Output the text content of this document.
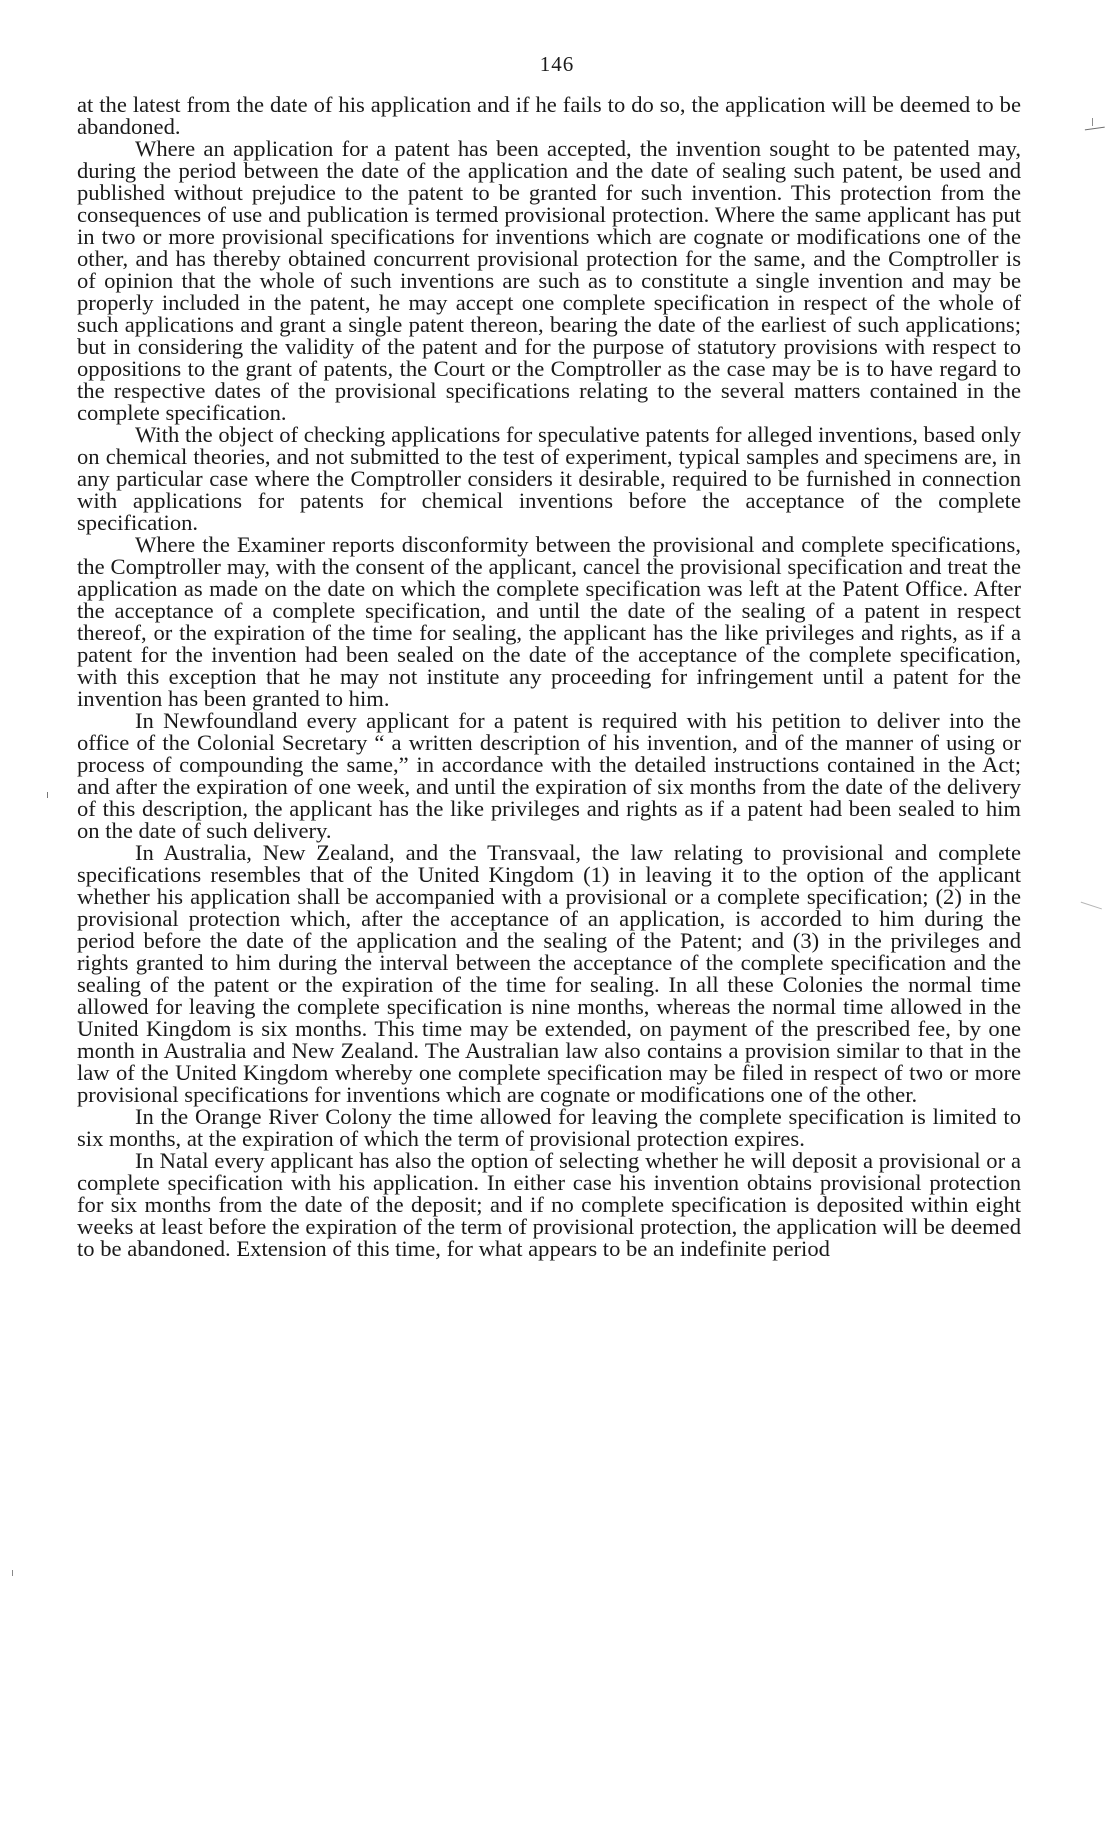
146

at the latest from the date of his application and if he fails to do so, the application will be deemed to be abandoned.

Where an application for a patent has been accepted, the invention sought to be patented may, during the period between the date of the application and the date of sealing such patent, be used and published without prejudice to the patent to be granted for such invention. This protection from the consequences of use and publication is termed provisional protection. Where the same applicant has put in two or more provisional specifications for inventions which are cognate or modifications one of the other, and has thereby obtained concurrent provisional protection for the same, and the Comptroller is of opinion that the whole of such inventions are such as to constitute a single invention and may be properly included in the patent, he may accept one complete specification in respect of the whole of such applications and grant a single patent thereon, bearing the date of the earliest of such applications; but in considering the validity of the patent and for the purpose of statutory provisions with respect to oppositions to the grant of patents, the Court or the Comptroller as the case may be is to have regard to the respective dates of the provisional specifications relating to the several matters contained in the complete specification.

With the object of checking applications for speculative patents for alleged inventions, based only on chemical theories, and not submitted to the test of experiment, typical samples and specimens are, in any particular case where the Comptroller considers it desirable, required to be furnished in connection with applications for patents for chemical inventions before the acceptance of the complete specification.

Where the Examiner reports disconformity between the provisional and complete specifications, the Comptroller may, with the consent of the applicant, cancel the provisional specification and treat the application as made on the date on which the complete specification was left at the Patent Office. After the acceptance of a complete specification, and until the date of the sealing of a patent in respect thereof, or the expiration of the time for sealing, the applicant has the like privileges and rights, as if a patent for the invention had been sealed on the date of the acceptance of the complete specification, with this exception that he may not institute any proceeding for infringement until a patent for the invention has been granted to him.

In Newfoundland every applicant for a patent is required with his petition to deliver into the office of the Colonial Secretary “ a written description of his invention, and of the manner of using or process of compounding the same,” in accordance with the detailed instructions contained in the Act; and after the expiration of one week, and until the expiration of six months from the date of the delivery of this description, the applicant has the like privileges and rights as if a patent had been sealed to him on the date of such delivery.

In Australia, New Zealand, and the Transvaal, the law relating to provisional and complete specifications resembles that of the United Kingdom (1) in leaving it to the option of the applicant whether his application shall be accompanied with a provisional or a complete specification; (2) in the provisional protection which, after the acceptance of an application, is accorded to him during the period before the date of the application and the sealing of the Patent; and (3) in the privileges and rights granted to him during the interval between the acceptance of the complete specification and the sealing of the patent or the expiration of the time for sealing. In all these Colonies the normal time allowed for leaving the complete specification is nine months, whereas the normal time allowed in the United Kingdom is six months. This time may be extended, on payment of the prescribed fee, by one month in Australia and New Zealand. The Australian law also contains a provision similar to that in the law of the United Kingdom whereby one complete specification may be filed in respect of two or more provisional specifications for inventions which are cognate or modifications one of the other.

In the Orange River Colony the time allowed for leaving the complete specification is limited to six months, at the expiration of which the term of provisional protection expires.

In Natal every applicant has also the option of selecting whether he will deposit a provisional or a complete specification with his application. In either case his invention obtains provisional protection for six months from the date of the deposit; and if no complete specification is deposited within eight weeks at least before the expiration of the term of provisional protection, the application will be deemed to be abandoned. Extension of this time, for what appears to be an indefinite period
